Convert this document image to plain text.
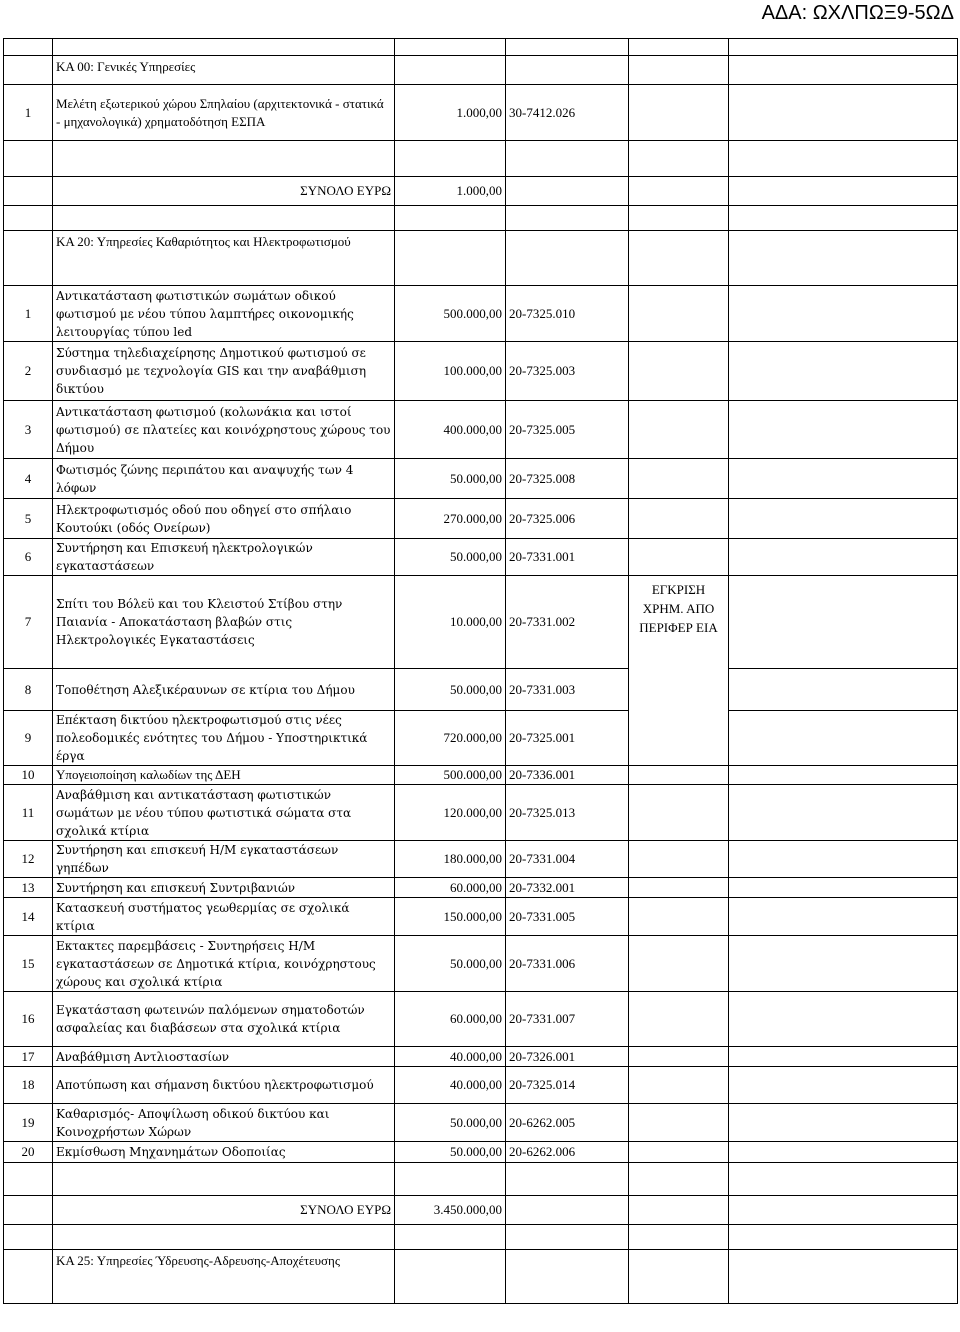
ΑΔΑ: ΩΧΛΠΩΞ9-5ΩΔ

	ΚΑ 00: Γενικές Υπηρεσίες				
1	Μελέτη εξωτερικού χώρου Σπηλαίου (αρχιτεκτονικά - στατικά - μηχανολογικά) χρηματοδότηση ΕΣΠΑ	1.000,00	30-7412.026		

	ΣΥΝΟΛΟ ΕΥΡΩ	1.000,00			

	ΚΑ 20: Υπηρεσίες Καθαριότητος και Ηλεκτροφωτισμού				
1	Αντικατάσταση φωτιστικών σωμάτων οδικού φωτισμού με νέου τύπου λαμπτήρες οικονομικής λειτουργίας τύπου led	500.000,00	20-7325.010		
2	Σύστημα τηλεδιαχείρησης Δημοτικού φωτισμού σε συνδιασμό με τεχνολογία GIS και την αναβάθμιση δικτύου	100.000,00	20-7325.003		
3	Αντικατάσταση φωτισμού (κολωνάκια και ιστοί φωτισμού) σε πλατείες και κοινόχρηστους χώρους του Δήμου	400.000,00	20-7325.005		
4	Φωτισμός ζώνης περιπάτου και αναψυχής των 4 λόφων	50.000,00	20-7325.008		
5	Ηλεκτροφωτισμός οδού που οδηγεί στο σπήλαιο Κουτούκι (οδός Ονείρων)	270.000,00	20-7325.006		
6	Συντήρηση και Επισκευή ηλεκτρολογικών εγκαταστάσεων	50.000,00	20-7331.001		
7	Σπίτι του Βόλεϋ και του Κλειστού Στίβου στην Παιανία - Αποκατάσταση βλαβών στις Ηλεκτρολογικές Εγκαταστάσεις	10.000,00	20-7331.002	ΕΓΚΡΙΣΗ ΧΡΗΜ. ΑΠΟ ΠΕΡΙΦΕΡ ΕΙΑ	
8	Τοποθέτηση Αλεξικέραυνων σε κτίρια του Δήμου	50.000,00	20-7331.003		
9	Επέκταση δικτύου ηλεκτροφωτισμού στις νέες πολεοδομικές ενότητες του Δήμου - Υποστηρικτικά έργα	720.000,00	20-7325.001		
10	Υπογειοποίηση καλωδίων της ΔΕΗ	500.000,00	20-7336.001		
11	Αναβάθμιση και αντικατάσταση φωτιστικών σωμάτων με νέου τύπου φωτιστικά σώματα στα σχολικά κτίρια	120.000,00	20-7325.013		
12	Συντήρηση και επισκευή Η/Μ εγκαταστάσεων γηπέδων	180.000,00	20-7331.004		
13	Συντήρηση και επισκευή Συντριβανιών	60.000,00	20-7332.001		
14	Κατασκευή συστήματος γεωθερμίας σε σχολικά κτίρια	150.000,00	20-7331.005		
15	Εκτακτες παρεμβάσεις - Συντηρήσεις Η/Μ εγκαταστάσεων σε Δημοτικά κτίρια, κοινόχρηστους χώρους και σχολικά κτίρια	50.000,00	20-7331.006		
16	Εγκατάσταση φωτεινών παλόμενων σηματοδοτών ασφαλείας και διαβάσεων στα σχολικά κτίρια	60.000,00	20-7331.007		
17	Αναβάθμιση Αντλιοστασίων	40.000,00	20-7326.001		
18	Αποτύπωση και σήμανση δικτύου ηλεκτροφωτισμού	40.000,00	20-7325.014		
19	Καθαρισμός- Αποψίλωση οδικού δικτύου και Κοινοχρήστων Χώρων	50.000,00	20-6262.005		
20	Εκμίσθωση Μηχανημάτων Οδοποιίας	50.000,00	20-6262.006		

	ΣΥΝΟΛΟ ΕΥΡΩ	3.450.000,00			

	ΚΑ 25: Υπηρεσίες Ύδρευσης-Αδρευσης-Αποχέτευσης				
